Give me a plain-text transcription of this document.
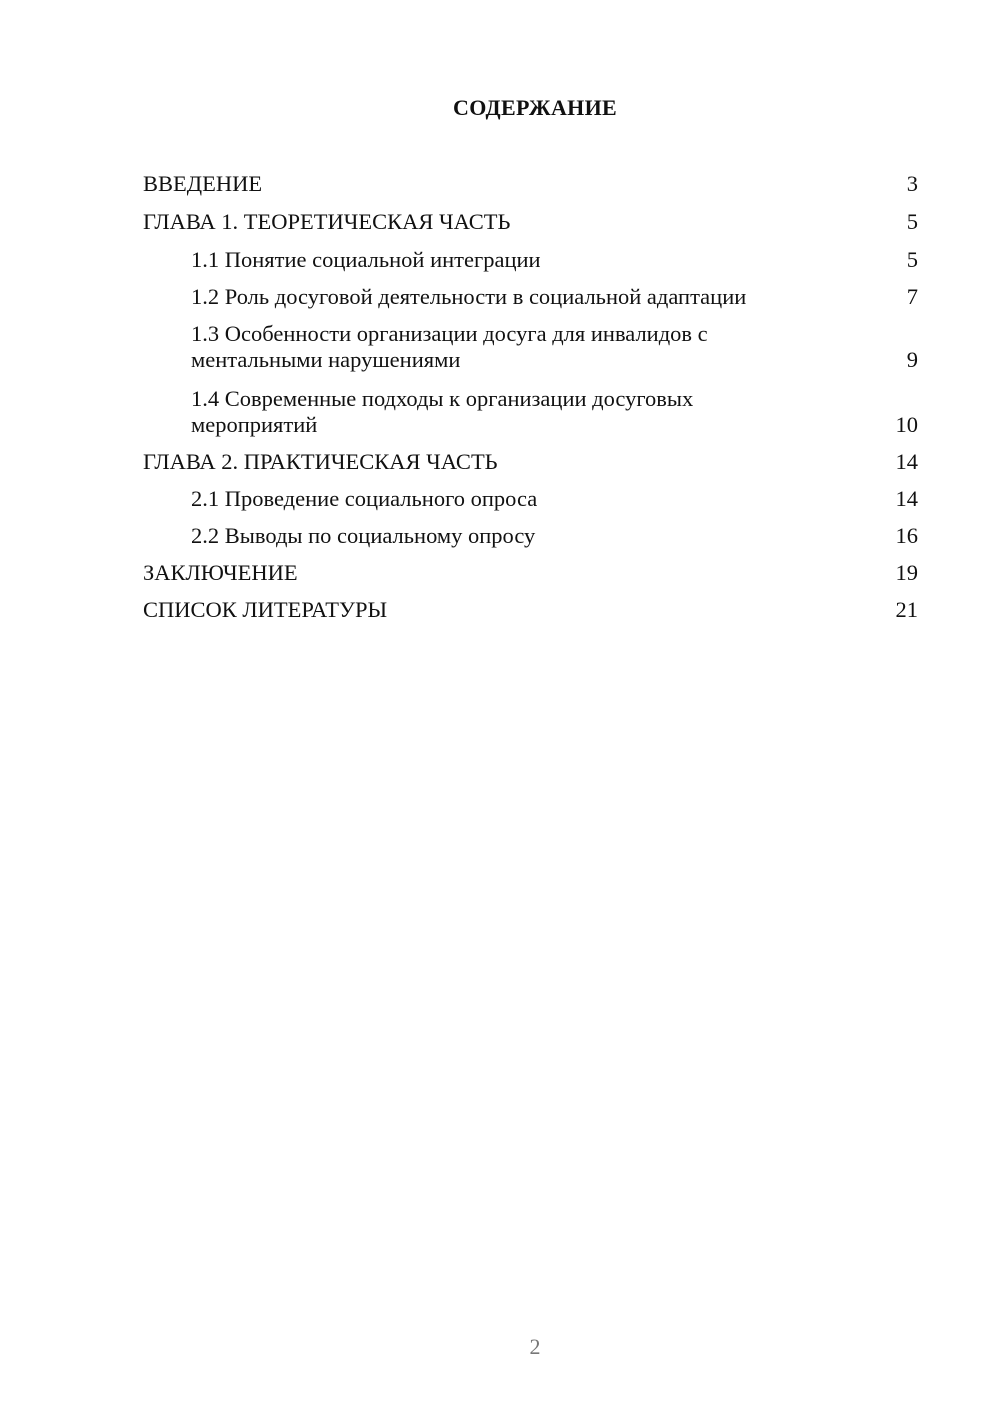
СОДЕРЖАНИЕ
ВВЕДЕНИЕ	3
ГЛАВА 1. ТЕОРЕТИЧЕСКАЯ ЧАСТЬ	5
1.1 Понятие социальной интеграции	5
1.2 Роль досуговой деятельности в социальной адаптации	7
1.3 Особенности организации досуга для инвалидов с
ментальными нарушениями	9
1.4 Современные подходы к организации досуговых
мероприятий	10
ГЛАВА 2. ПРАКТИЧЕСКАЯ ЧАСТЬ	14
2.1 Проведение социального опроса	14
2.2 Выводы по социальному опросу	16
ЗАКЛЮЧЕНИЕ	19
СПИСОК ЛИТЕРАТУРЫ	21
2
